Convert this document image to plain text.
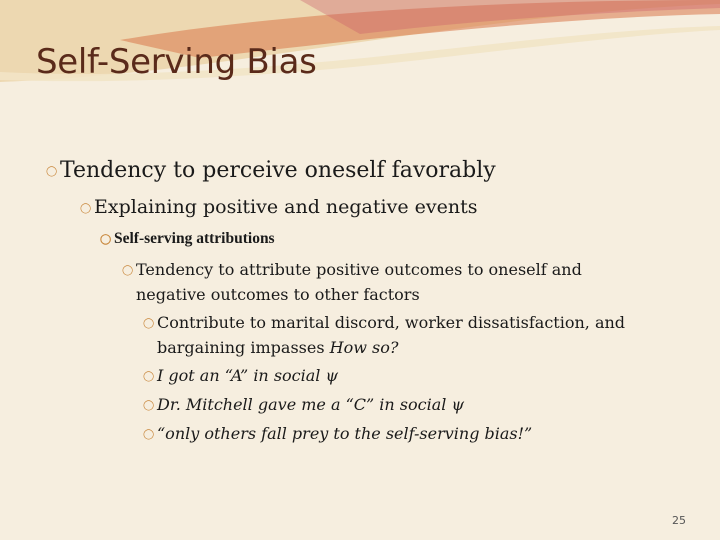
Self-Serving Bias
◯ Tendency to perceive oneself favorably
◯ Explaining positive and negative events
◯ Self-serving attributions
◯ Tendency to attribute positive outcomes to oneself and
negative outcomes to other factors
◯ Contribute to marital discord, worker dissatisfaction, and
bargaining impasses How so?
◯ I got an “A” in social ψ
◯ Dr. Mitchell gave me a “C” in social ψ
◯ “only others fall prey to the self-serving bias!”
25
